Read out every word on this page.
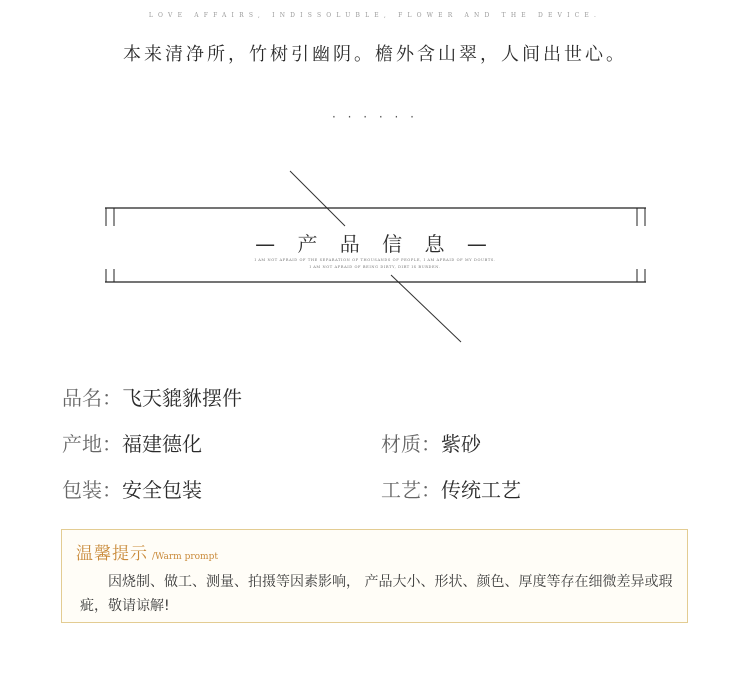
LOVE AFFAIRS, INDISSOLUBLE, FLOWER AND THE DEVICE.
本来清净所，竹树引幽阴。檐外含山翠，人间出世心。
· · · · · ·
— 产 品 信 息 —
I AM NOT AFRAID OF THE SEPARATION OF THOUSANDS OF PEOPLE, I AM AFRAID OF MY DOUBTS.
I AM NOT AFRAID OF BEING DIRTY, DIRT IS BURDEN.
品名：飞天貔貅摆件
产地：福建德化	材质：紫砂
包装：安全包装	工艺：传统工艺
温馨提示 /Warm prompt
因烧制、做工、测量、拍摄等因素影响， 产品大小、形状、颜色、厚度等存在细微差异或瑕疵，敬请谅解!
